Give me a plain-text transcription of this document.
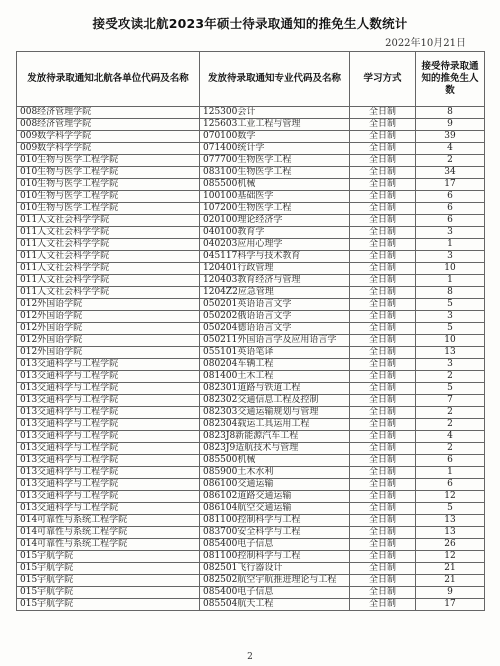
接受攻读北航2023年硕士待录取通知的推免生人数统计
2022年10月21日
发放待录取通知北航各单位代码及名称	发放待录取通知专业代码及名称	学习方式	接受待录取通知的推免生人数
008经济管理学院	125300会计	全日制	8
008经济管理学院	125603工业工程与管理	全日制	9
009数学科学学院	070100数学	全日制	39
009数学科学学院	071400统计学	全日制	4
010生物与医学工程学院	077700生物医学工程	全日制	2
010生物与医学工程学院	083100生物医学工程	全日制	34
010生物与医学工程学院	085500机械	全日制	17
010生物与医学工程学院	100100基础医学	全日制	6
010生物与医学工程学院	107200生物医学工程	全日制	6
011人文社会科学学院	020100理论经济学	全日制	6
011人文社会科学学院	040100教育学	全日制	3
011人文社会科学学院	040203应用心理学	全日制	1
011人文社会科学学院	045117科学与技术教育	全日制	3
011人文社会科学学院	120401行政管理	全日制	10
011人文社会科学学院	120403教育经济与管理	全日制	1
011人文社会科学学院	1204Z2应急管理	全日制	8
012外国语学院	050201英语语言文学	全日制	5
012外国语学院	050202俄语语言文学	全日制	3
012外国语学院	050204德语语言文学	全日制	5
012外国语学院	050211外国语言学及应用语言学	全日制	10
012外国语学院	055101英语笔译	全日制	13
013交通科学与工程学院	080204车辆工程	全日制	3
013交通科学与工程学院	081400土木工程	全日制	2
013交通科学与工程学院	082301道路与铁道工程	全日制	5
013交通科学与工程学院	082302交通信息工程及控制	全日制	7
013交通科学与工程学院	082303交通运输规划与管理	全日制	2
013交通科学与工程学院	082304载运工具运用工程	全日制	2
013交通科学与工程学院	0823J8新能源汽车工程	全日制	4
013交通科学与工程学院	0823J9适航技术与管理	全日制	2
013交通科学与工程学院	085500机械	全日制	6
013交通科学与工程学院	085900土木水利	全日制	1
013交通科学与工程学院	086100交通运输	全日制	6
013交通科学与工程学院	086102道路交通运输	全日制	12
013交通科学与工程学院	086104航空交通运输	全日制	5
014可靠性与系统工程学院	081100控制科学与工程	全日制	13
014可靠性与系统工程学院	083700安全科学与工程	全日制	13
014可靠性与系统工程学院	085400电子信息	全日制	26
015宇航学院	081100控制科学与工程	全日制	12
015宇航学院	082501飞行器设计	全日制	21
015宇航学院	082502航空宇航推进理论与工程	全日制	21
015宇航学院	085400电子信息	全日制	9
015宇航学院	085504航天工程	全日制	17
2
